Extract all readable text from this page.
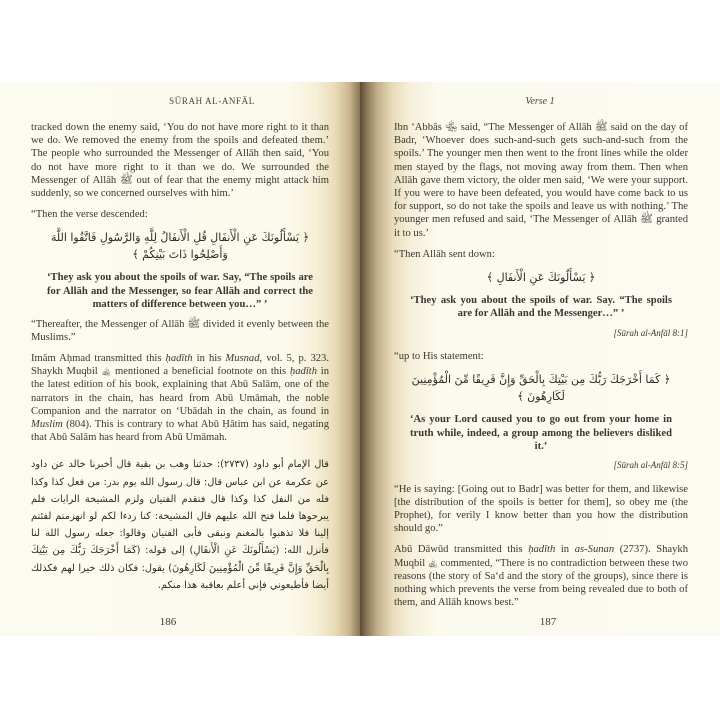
SŪRAH AL-ANFĀL

tracked down the enemy said, ‘You do not have more right to it than we do. We removed the enemy from the spoils and defeated them.’ The people who surrounded the Messenger of Allāh then said, ‘You do not have more right to it than we do. We surrounded the Messenger of Allāh ﷺ out of fear that the enemy might attack him suddenly, so we concerned ourselves with him.’

“Then the verse descended:

﴿ يَسْأَلُونَكَ عَنِ الْأَنفَالِ قُلِ الْأَنفَالُ لِلَّهِ وَالرَّسُولِ فَاتَّقُوا اللَّهَ وَأَصْلِحُوا ذَاتَ بَيْنِكُمْ ﴾
‘They ask you about the spoils of war. Say, “The spoils are for Allāh and the Messenger, so fear Allāh and correct the matters of difference between you…” ’

“Thereafter, the Messenger of Allāh ﷺ divided it evenly between the Muslims.”

Imām Aḥmad transmitted this ḥadīth in his Musnad, vol. 5, p. 323. Shaykh Muqbil ﵀ mentioned a beneficial footnote on this ḥadīth in the latest edition of his book, explaining that Abū Salām, one of the narrators in the chain, has heard from Abū Umāmah, the noble Companion and the narrator on ‘Ubādah in the chain, as found in Muslim (804). This is contrary to what Abū Ḥātim has said, negating that Abū Salām has heard from Abū Umāmah.

قال الإمام أبو داود (٢٧٣٧): حدثنا وهب بن بقية قال أخبرنا خالد عن داود عن عكرمة عن ابن عباس قال: قال رسول الله يوم بدر: من فعل كذا وكذا فله من النفل كذا وكذا قال فتقدم الفتيان ولزم المشيخة الرايات فلم يبرحوها فلما فتح الله عليهم قال المشيخة: كنا ردءا لكم لو انهزمتم لفئتم إلينا فلا تذهبوا بالمغنم ونبقى فأبى الفتيان وقالوا: جعله رسول الله لنا فأنزل الله: (يَسْأَلُونَكَ عَنِ الْأَنفَالِ) إلى قوله: (كَمَا أَخْرَجَكَ رَبُّكَ مِن بَيْتِكَ بِالْحَقِّ وَإِنَّ فَرِيقًا مِّنَ الْمُؤْمِنِينَ لَكَارِهُونَ) يقول: فكان ذلك خيرا لهم فكذلك أيضا فأطيعوني فإني أعلم بعاقبة هذا منكم.
186
Verse 1

Ibn ‘Abbās ﵄ said, “The Messenger of Allāh ﷺ said on the day of Badr, ‘Whoever does such-and-such gets such-and-such from the spoils.’ The younger men then went to the front lines while the older men stayed by the flags, not moving away from them. Then when Allāh gave them victory, the older men said, ‘We were your support. If you were to have been defeated, you would have come back to us for support, so do not take the spoils and leave us with nothing.’ The younger men refused and said, ‘The Messenger of Allāh ﷺ granted it to us.’

“Then Allāh sent down:

﴿ يَسْأَلُونَكَ عَنِ الْأَنفَالِ ﴾
‘They ask you about the spoils of war. Say. “The spoils are for Allāh and the Messenger…” ’
[Sūrah al-Anfāl 8:1]

“up to His statement:

﴿ كَمَا أَخْرَجَكَ رَبُّكَ مِن بَيْتِكَ بِالْحَقِّ وَإِنَّ فَرِيقًا مِّنَ الْمُؤْمِنِينَ لَكَارِهُونَ ﴾
‘As your Lord caused you to go out from your home in truth while, indeed, a group among the believers disliked it.’
[Sūrah al-Anfāl 8:5]

“He is saying: [Going out to Badr] was better for them, and likewise [the distribution of the spoils is better for them], so obey me (the Prophet), for verily I know better than you how the distribution should go.”

Abū Dāwūd transmitted this ḥadīth in as-Sunan (2737). Shaykh Muqbil ﵀ commented, “There is no contradiction between these two reasons (the story of Sa‘d and the story of the groups), since there is nothing which prevents the verse from being revealed due to both of them, and Allāh knows best.”

187
